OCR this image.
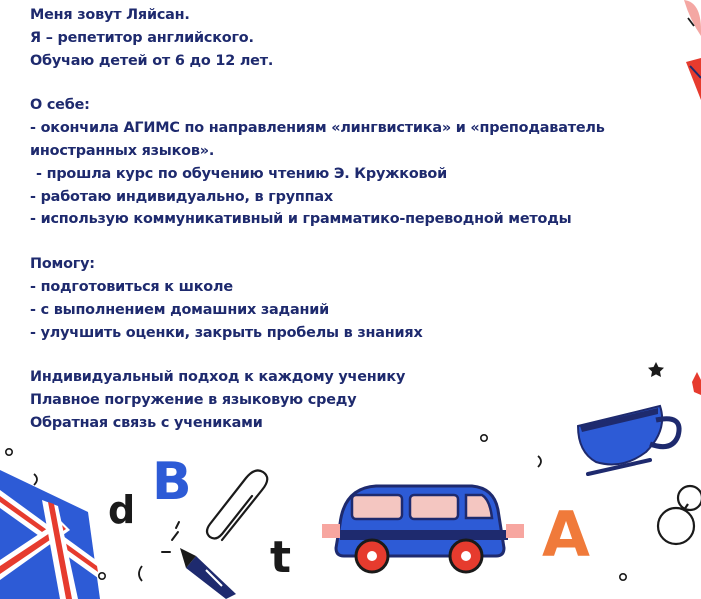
d B
t	A
Меня зовут Ляйсан.
Я – репетитор английского.
Обучаю детей от 6 до 12 лет.
О себе:
- окончила АГИМС по направлениям «лингвистика» и «преподаватель
иностранных языков».
- прошла курс по обучению чтению Э. Кружковой
- работаю индивидуально, в группах
- использую коммуникативный и грамматико-переводной методы
Помогу:
- подготовиться к школе
- с выполнением домашних заданий
- улучшить оценки, закрыть пробелы в знаниях
Индивидуальный подход к каждому ученику
Плавное погружение в языковую среду
Обратная связь с учениками
